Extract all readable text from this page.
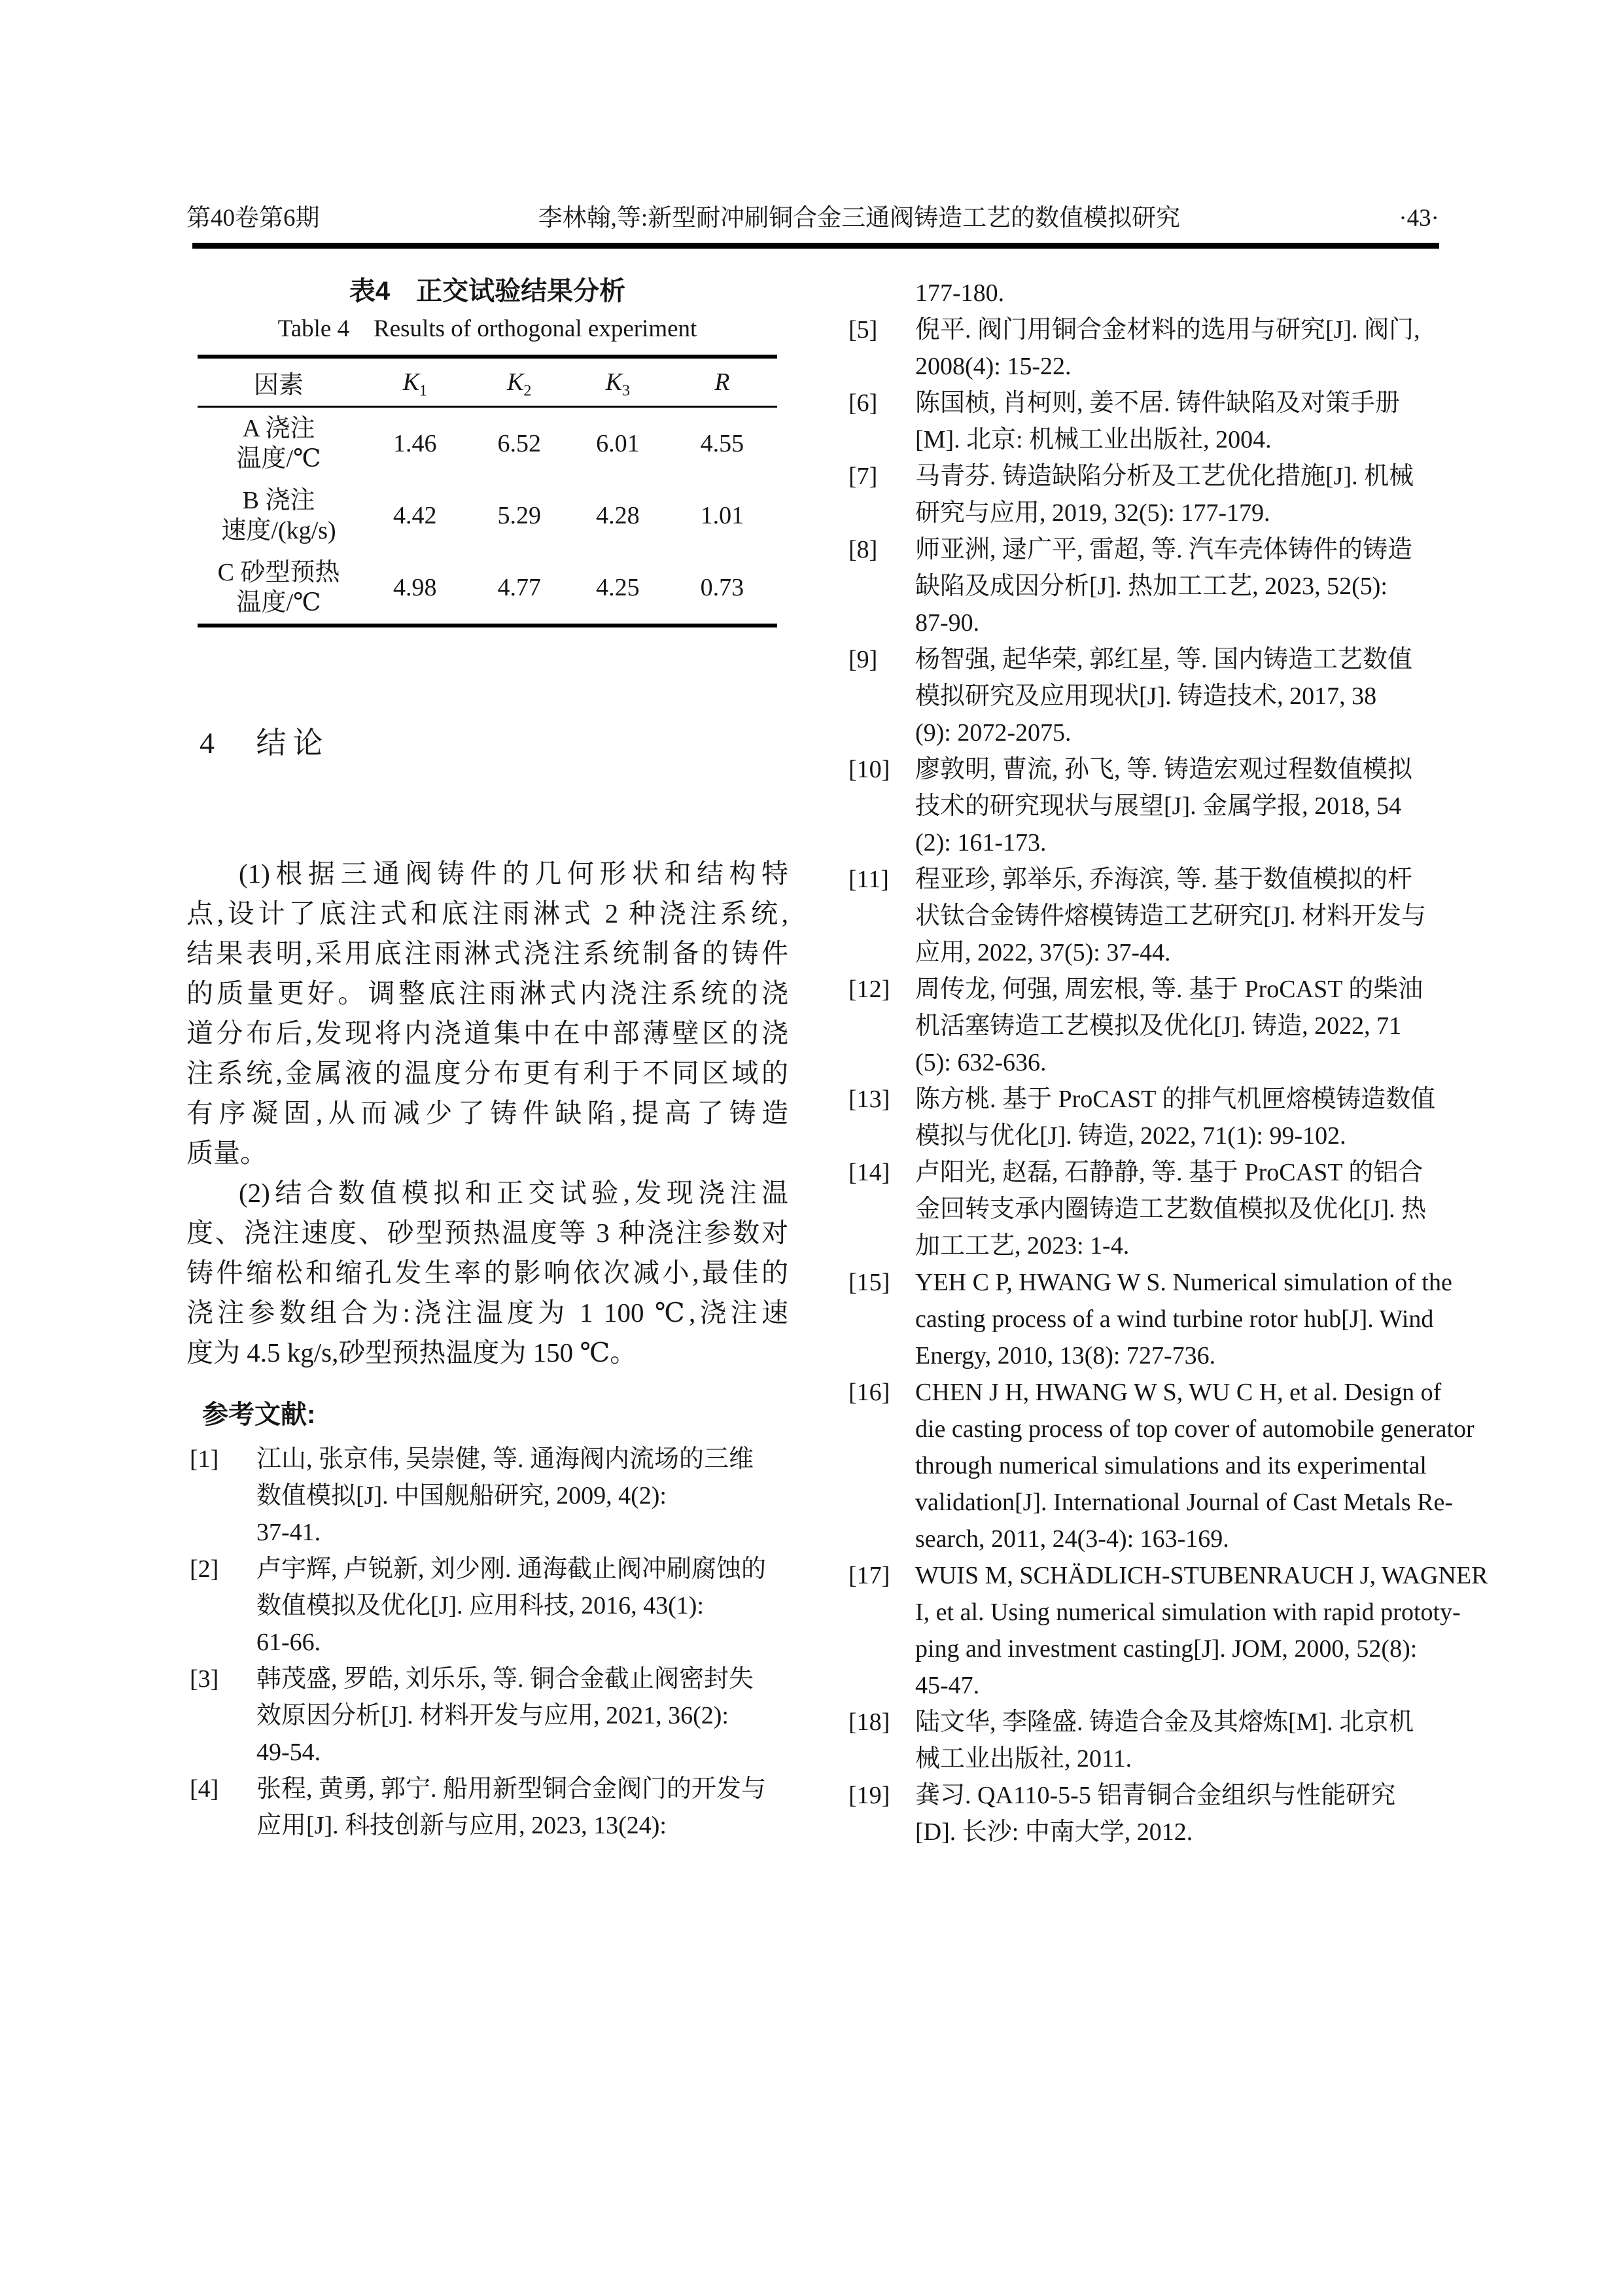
第40卷第6期	李林翰,等:新型耐冲刷铜合金三通阀铸造工艺的数值模拟研究	·43·
表4　正交试验结果分析
Table 4 Results of orthogonal experiment
因素	$K_1$	$K_2$	$K_3$	R

A 浇注
温度/℃	1.46	6.52	6.01	4.55

B 浇注
速度/(kg/s)	4.42	5.29	4.28	1.01

C 砂型预热
温度/℃	4.98	4.77	4.25	0.73
4 结论
(1)根据三通阀铸件的几何形状和结构特
点,设计了底注式和底注雨淋式 2 种浇注系统,
结果表明,采用底注雨淋式浇注系统制备的铸件
的质量更好。调整底注雨淋式内浇注系统的浇
道分布后,发现将内浇道集中在中部薄壁区的浇
注系统,金属液的温度分布更有利于不同区域的
有序凝固,从而减少了铸件缺陷,提高了铸造
质量。
(2)结合数值模拟和正交试验,发现浇注温
度、浇注速度、砂型预热温度等 3 种浇注参数对
铸件缩松和缩孔发生率的影响依次减小,最佳的
浇注参数组合为:浇注温度为 1 100 ℃,浇注速
度为 4.5 kg/s,砂型预热温度为 150 ℃。
参考文献:
[1] 江山, 张京伟, 吴崇健, 等. 通海阀内流场的三维
数值模拟[J]. 中国舰船研究, 2009, 4(2):
37-41.
[2] 卢宇辉, 卢锐新, 刘少刚. 通海截止阀冲刷腐蚀的
数值模拟及优化[J]. 应用科技, 2016, 43(1):
61-66.
[3] 韩茂盛, 罗皓, 刘乐乐, 等. 铜合金截止阀密封失
效原因分析[J]. 材料开发与应用, 2021, 36(2):
49-54.
[4] 张程, 黄勇, 郭宁. 船用新型铜合金阀门的开发与
应用[J]. 科技创新与应用, 2023, 13(24):
177-180.
[5] 倪平. 阀门用铜合金材料的选用与研究[J]. 阀门,
2008(4): 15-22.
[6] 陈国桢, 肖柯则, 姜不居. 铸件缺陷及对策手册
[M]. 北京: 机械工业出版社, 2004.
[7] 马青芬. 铸造缺陷分析及工艺优化措施[J]. 机械
研究与应用, 2019, 32(5): 177-179.
[8] 师亚洲, 逯广平, 雷超, 等. 汽车壳体铸件的铸造
缺陷及成因分析[J]. 热加工工艺, 2023, 52(5):
87-90.
[9] 杨智强, 起华荣, 郭红星, 等. 国内铸造工艺数值
模拟研究及应用现状[J]. 铸造技术, 2017, 38
(9): 2072-2075.
[10] 廖敦明, 曹流, 孙飞, 等. 铸造宏观过程数值模拟
技术的研究现状与展望[J]. 金属学报, 2018, 54
(2): 161-173.
[11] 程亚珍, 郭举乐, 乔海滨, 等. 基于数值模拟的杆
状钛合金铸件熔模铸造工艺研究[J]. 材料开发与
应用, 2022, 37(5): 37-44.
[12] 周传龙, 何强, 周宏根, 等. 基于 ProCAST 的柴油
机活塞铸造工艺模拟及优化[J]. 铸造, 2022, 71
(5): 632-636.
[13] 陈方桃. 基于 ProCAST 的排气机匣熔模铸造数值
模拟与优化[J]. 铸造, 2022, 71(1): 99-102.
[14] 卢阳光, 赵磊, 石静静, 等. 基于 ProCAST 的铝合
金回转支承内圈铸造工艺数值模拟及优化[J]. 热
加工工艺, 2023: 1-4.
[15] YEH C P, HWANG W S. Numerical simulation of the
casting process of a wind turbine rotor hub[J]. Wind
Energy, 2010, 13(8): 727-736.
[16] CHEN J H, HWANG W S, WU C H, et al. Design of
die casting process of top cover of automobile generator
through numerical simulations and its experimental
validation[J]. International Journal of Cast Metals Re-
search, 2011, 24(3-4): 163-169.
[17] WUIS M, SCHÄDLICH-STUBENRAUCH J, WAGNER
I, et al. Using numerical simulation with rapid prototy-
ping and investment casting[J]. JOM, 2000, 52(8):
45-47.
[18] 陆文华, 李隆盛. 铸造合金及其熔炼[M]. 北京机
械工业出版社, 2011.
[19] 龚习. QA110-5-5 铝青铜合金组织与性能研究
[D]. 长沙: 中南大学, 2012.
